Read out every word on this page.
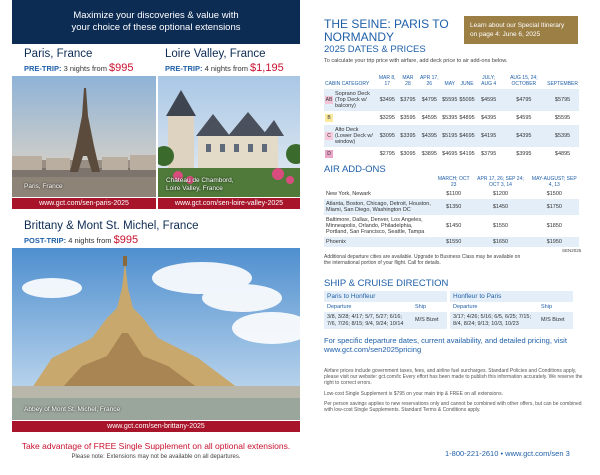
Maximize your discoveries & value with
your choice of these optional extensions
Paris, France
PRE-TRIP: 3 nights from $995
Paris, France
www.gct.com/sen-paris-2025
Loire Valley, France
PRE-TRIP: 4 nights from $1,195
Château de Chambord,
Loire Valley, France
www.gct.com/sen-loire-valley-2025
Brittany & Mont St. Michel, France
POST-TRIP: 4 nights from $995
Abbey of Mont St. Michel, France
www.gct.com/sen-brittany-2025
Take advantage of FREE Single Supplement on all optional extensions.
Please note: Extensions may not be available on all departures.
THE SEINE: PARIS TO NORMANDY
Learn about our Special Itinerary
on page 4: June 6, 2025
2025 DATES & PRICES
To calculate your trip price with airfare, add deck price to air add-ons below.
CABIN CATEGORY		MAR 8, 17	MAR 28	APR 17, 26	MAY	JUNE	JULY; AUG 4	AUG 15, 24; OCTOBER	SEPTEMBER
AB	Soprano Deck (Top Deck w/ balcony)	$3495	$3795	$4795	$5595	$5095	$4595	$4795	$5795
B		$3295	$3595	$4595	$5395	$4895	$4395	$4595	$5595
C	Alto Deck (Lower Deck w/ window)	$3095	$3395	$4395	$5195	$4695	$4195	$4395	$5395
D		$2795	$3095	$3895	$4695	$4195	$3795	$3995	$4895
AIR ADD-ONS
	MARCH; OCT 23	APR 17, 26; SEP 24; OCT 3, 14	MAY-AUGUST; SEP 4, 13
New York, Newark	$1100	$1200	$1500
Atlanta, Boston, Chicago, Detroit, Houston, Miami, San Diego, Washington DC	$1350	$1450	$1750
Baltimore, Dallas, Denver, Los Angeles, Minneapolis, Orlando, Philadelphia, Portland, San Francisco, Seattle, Tampa	$1450	$1550	$1850
Phoenix	$1550	$1650	$1950
Additional departure cities are available. Upgrade to Business Class may be available on
the international portion of your flight. Call for details.
SEN2025
SHIP & CRUISE DIRECTION
Paris to Honfleur	
Departure	Ship
3/8, 3/28; 4/17; 5/7, 5/27; 6/16; 7/6, 7/26; 8/15; 9/4, 9/24; 10/14	M/S Bizet
Honfleur to Paris	
Departure	Ship
3/17; 4/26; 5/16; 6/5, 6/25; 7/15; 8/4, 8/24; 9/13; 10/3, 10/23	M/S Bizet
For specific departure dates, current availability, and detailed pricing, visit www.gct.com/sen2025pricing
Airfare prices include government taxes, fees, and airline fuel surcharges. Standard Policies and Conditions apply, please visit our website: gct.com/tc Every effort has been made to publish this information accurately. We reserve the right to correct errors.
Low-cost Single Supplement is $795 on your main trip & FREE on all extensions.
Per person savings applies to new reservations only and cannot be combined with other offers, but can be combined with low-cost Single Supplements. Standard Terms & Conditions apply.
1-800-221-2610 • www.gct.com/sen 3
